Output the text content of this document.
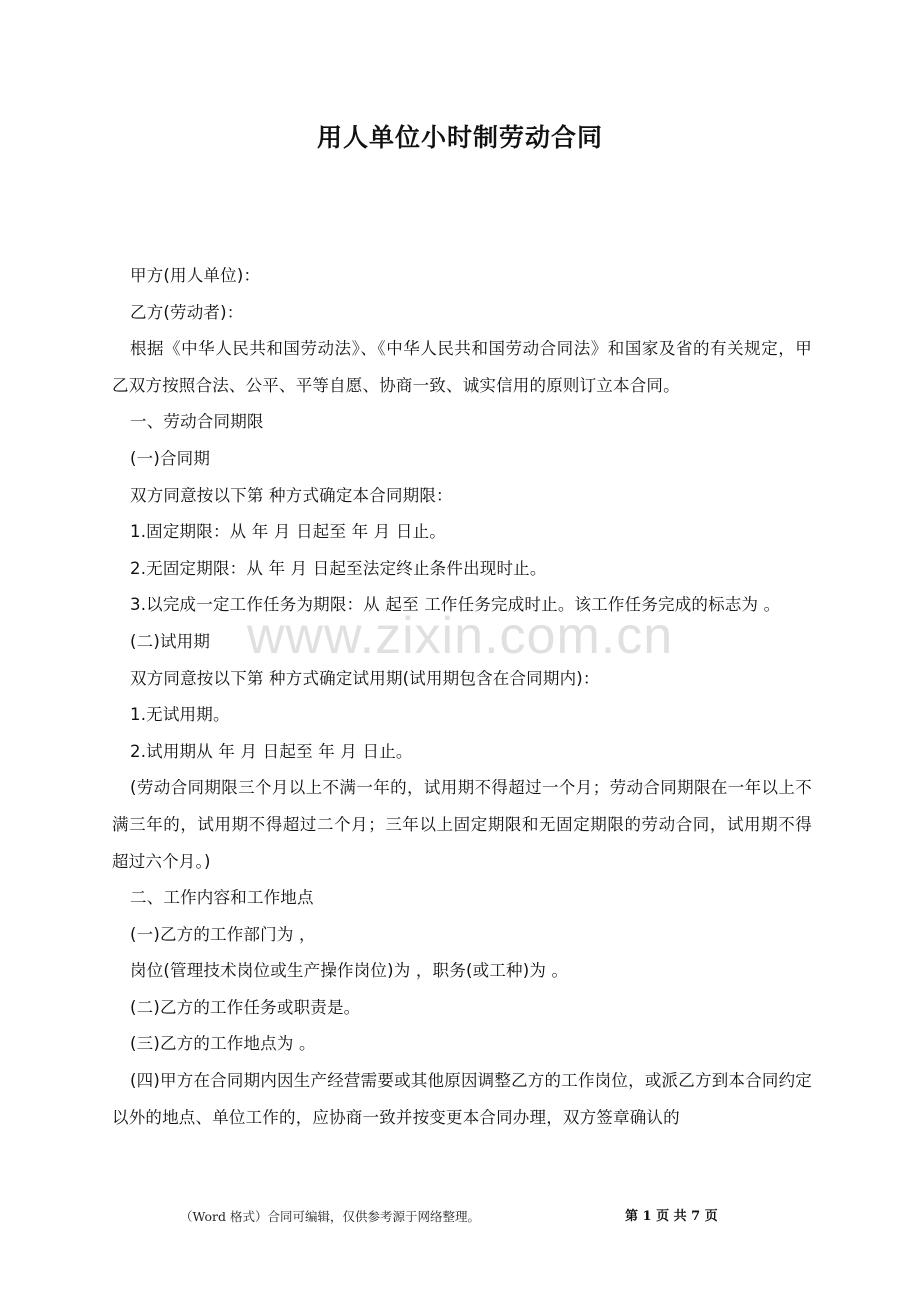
用人单位小时制劳动合同

甲方(用人单位)：

乙方(劳动者)：

根据《中华人民共和国劳动法》、《中华人民共和国劳动合同法》和国家及省的有关规定，甲乙双方按照合法、公平、平等自愿、协商一致、诚实信用的原则订立本合同。

一、劳动合同期限

(一)合同期

双方同意按以下第 种方式确定本合同期限：

1.固定期限：从 年 月 日起至 年 月 日止。

2.无固定期限：从 年 月 日起至法定终止条件出现时止。

3.以完成一定工作任务为期限：从 起至 工作任务完成时止。该工作任务完成的标志为 。

(二)试用期

双方同意按以下第 种方式确定试用期(试用期包含在合同期内)：

1.无试用期。

2.试用期从 年 月 日起至 年 月 日止。

(劳动合同期限三个月以上不满一年的，试用期不得超过一个月；劳动合同期限在一年以上不满三年的，试用期不得超过二个月；三年以上固定期限和无固定期限的劳动合同，试用期不得超过六个月。)

二、工作内容和工作地点

(一)乙方的工作部门为 ，

岗位(管理技术岗位或生产操作岗位)为 ，职务(或工种)为 。

(二)乙方的工作任务或职责是。

(三)乙方的工作地点为 。

(四)甲方在合同期内因生产经营需要或其他原因调整乙方的工作岗位，或派乙方到本合同约定以外的地点、单位工作的，应协商一致并按变更本合同办理，双方签章确认的

www.zixin.com.cn
（Word 格式）合同可编辑，仅供参考源于网络整理。	第 1 页 共 7 页
